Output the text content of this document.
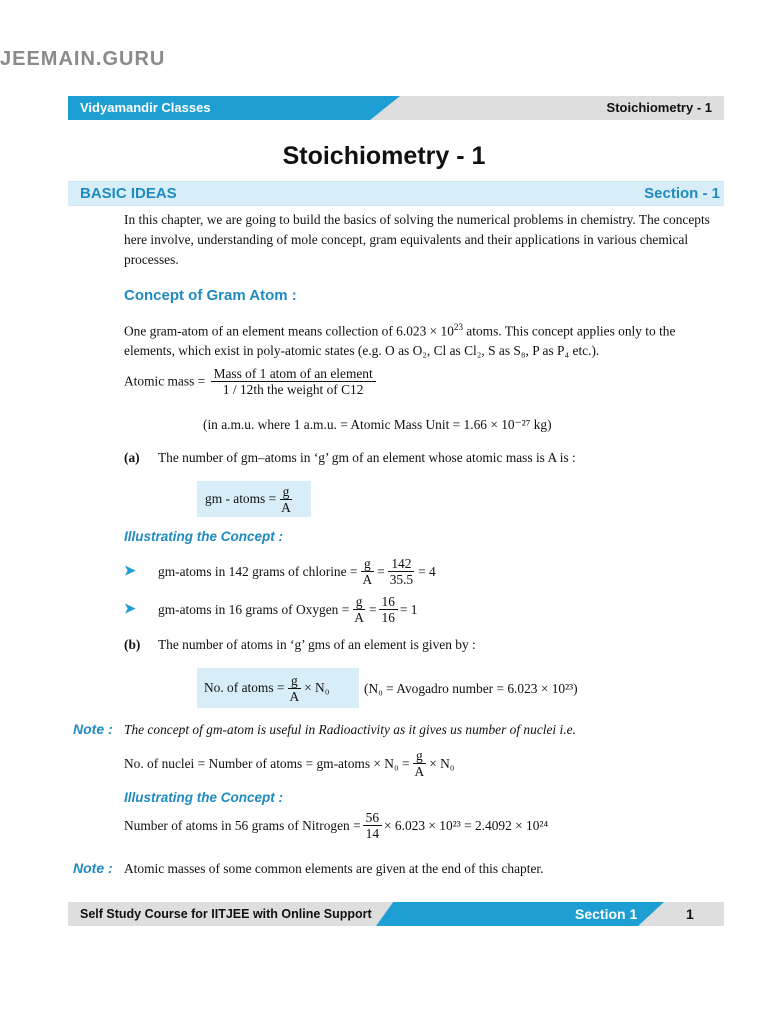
JEEMAIN.GURU
Vidyamandir Classes	Stoichiometry - 1
Stoichiometry - 1
BASIC IDEAS	Section - 1
In this chapter, we are going to build the basics of solving the numerical problems in chemistry. The concepts here involve, understanding of mole concept, gram equivalents and their applications in various chemical processes.
Concept of Gram Atom :
One gram-atom of an element means collection of $6.023 \times 10^{23}$ atoms. This concept applies only to the
elements, which exist in poly-atomic states (e.g. O as O₂, Cl as Cl₂, S as S₈, P as P₄ etc.).
Atomic mass = $\frac{\text{Mass of 1 atom of an element}}{\text{1 / 12th the weight of C12}}$
(in a.m.u. where 1 a.m.u. = Atomic Mass Unit = 1.66 × 10⁻²⁷ kg)
(a) The number of gm–atoms in ‘g’ gm of an element whose atomic mass is A is :
gm - atoms = $\frac{g}{A}$
Illustrating the Concept :
➤	gm-atoms in 142 grams of chlorine = $\frac{g}{A} = \frac{142}{35.5} = 4$
➤	gm-atoms in 16 grams of Oxygen = $\frac{g}{A} = \frac{16}{16} = 1$
(b) The number of atoms in ‘g’ gms of an element is given by :
No. of atoms = $\frac{g}{A} \times N_0$	(N₀ = Avogadro number = 6.023 × 10²³)
Note : The concept of gm-atom is useful in Radioactivity as it gives us number of nuclei i.e.
No. of nuclei = Number of atoms = gm-atoms × $N_0 = \frac{g}{A} \times N_0$
Illustrating the Concept :
Number of atoms in 56 grams of Nitrogen = $\frac{56}{14} \times 6.023 \times 10^{23} = 2.4092 \times 10^{24}$
Note : Atomic masses of some common elements are given at the end of this chapter.
Self Study Course for IITJEE with Online Support	Section 1	1
